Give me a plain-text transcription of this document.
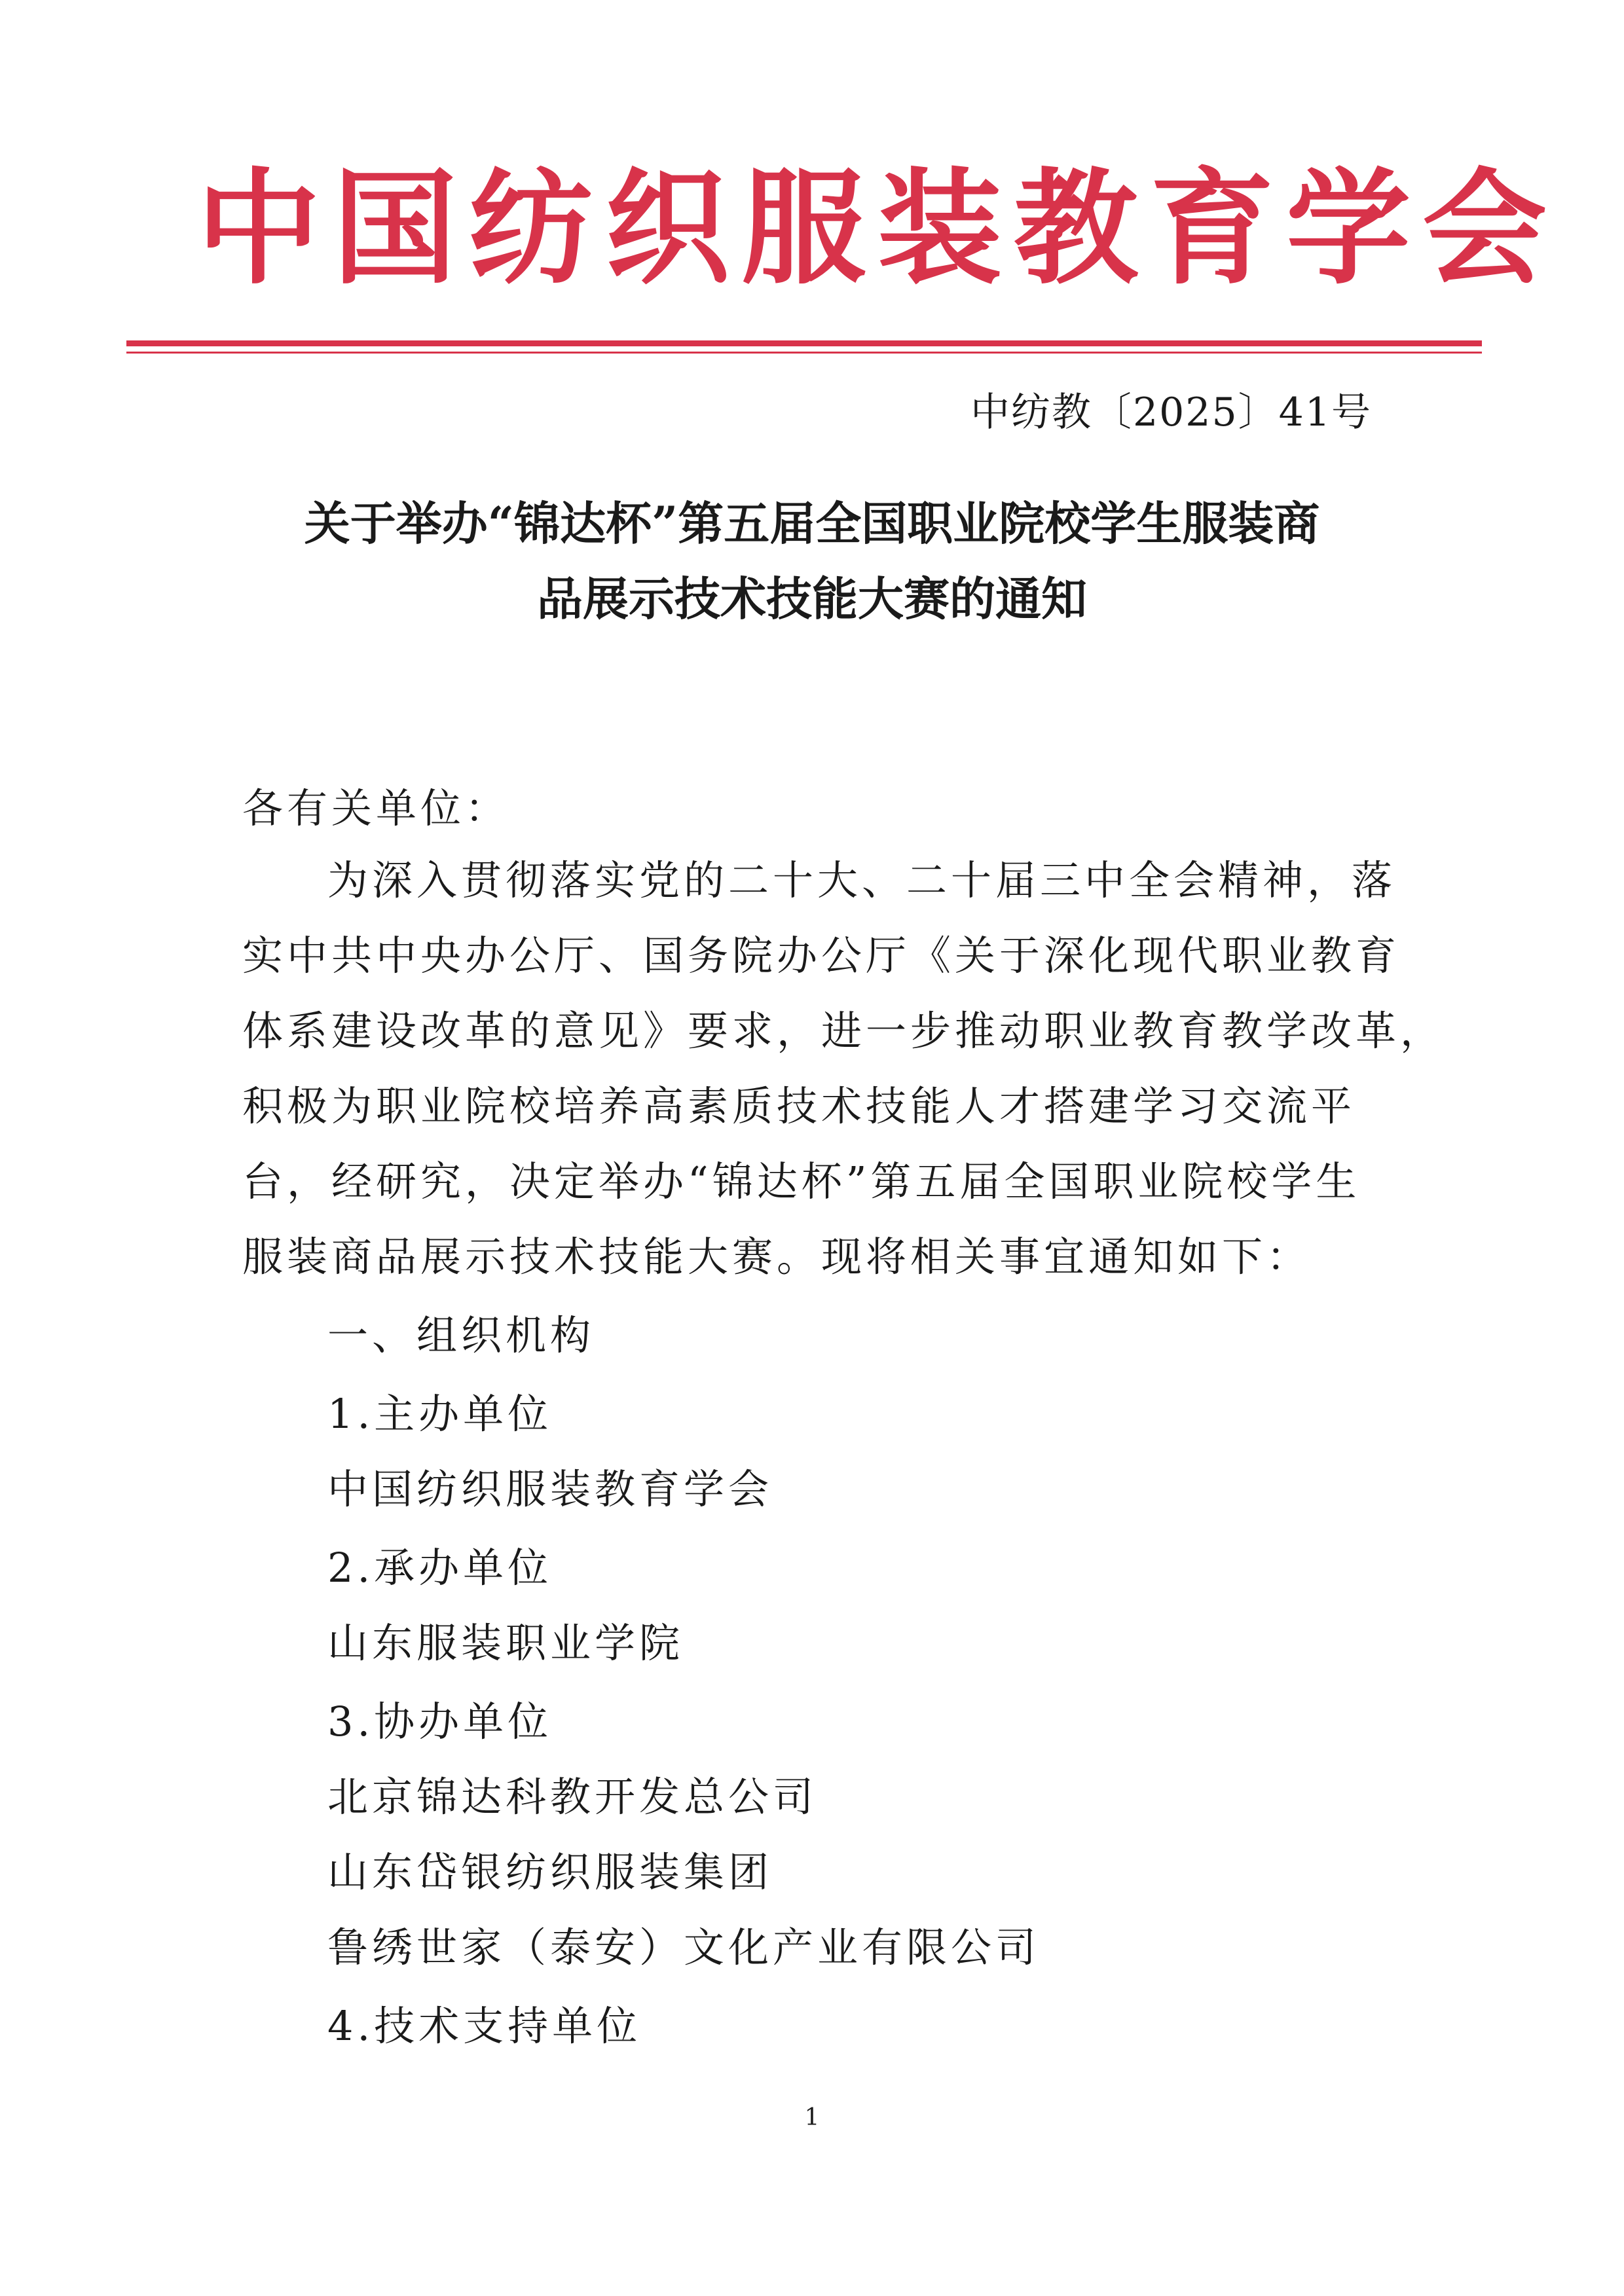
中国纺织服装教育学会
中纺教〔2025〕41号
关于举办“锦达杯”第五届全国职业院校学生服装商
品展示技术技能大赛的通知
各有关单位：
为深入贯彻落实党的二十大、二十届三中全会精神，落
实中共中央办公厅、国务院办公厅《关于深化现代职业教育
体系建设改革的意见》要求，进一步推动职业教育教学改革，
积极为职业院校培养高素质技术技能人才搭建学习交流平
台，经研究，决定举办“锦达杯”第五届全国职业院校学生
服装商品展示技术技能大赛。现将相关事宜通知如下：
一、组织机构
1.主办单位
中国纺织服装教育学会
2.承办单位
山东服装职业学院
3.协办单位
北京锦达科教开发总公司
山东岱银纺织服装集团
鲁绣世家（泰安）文化产业有限公司
4.技术支持单位
1
